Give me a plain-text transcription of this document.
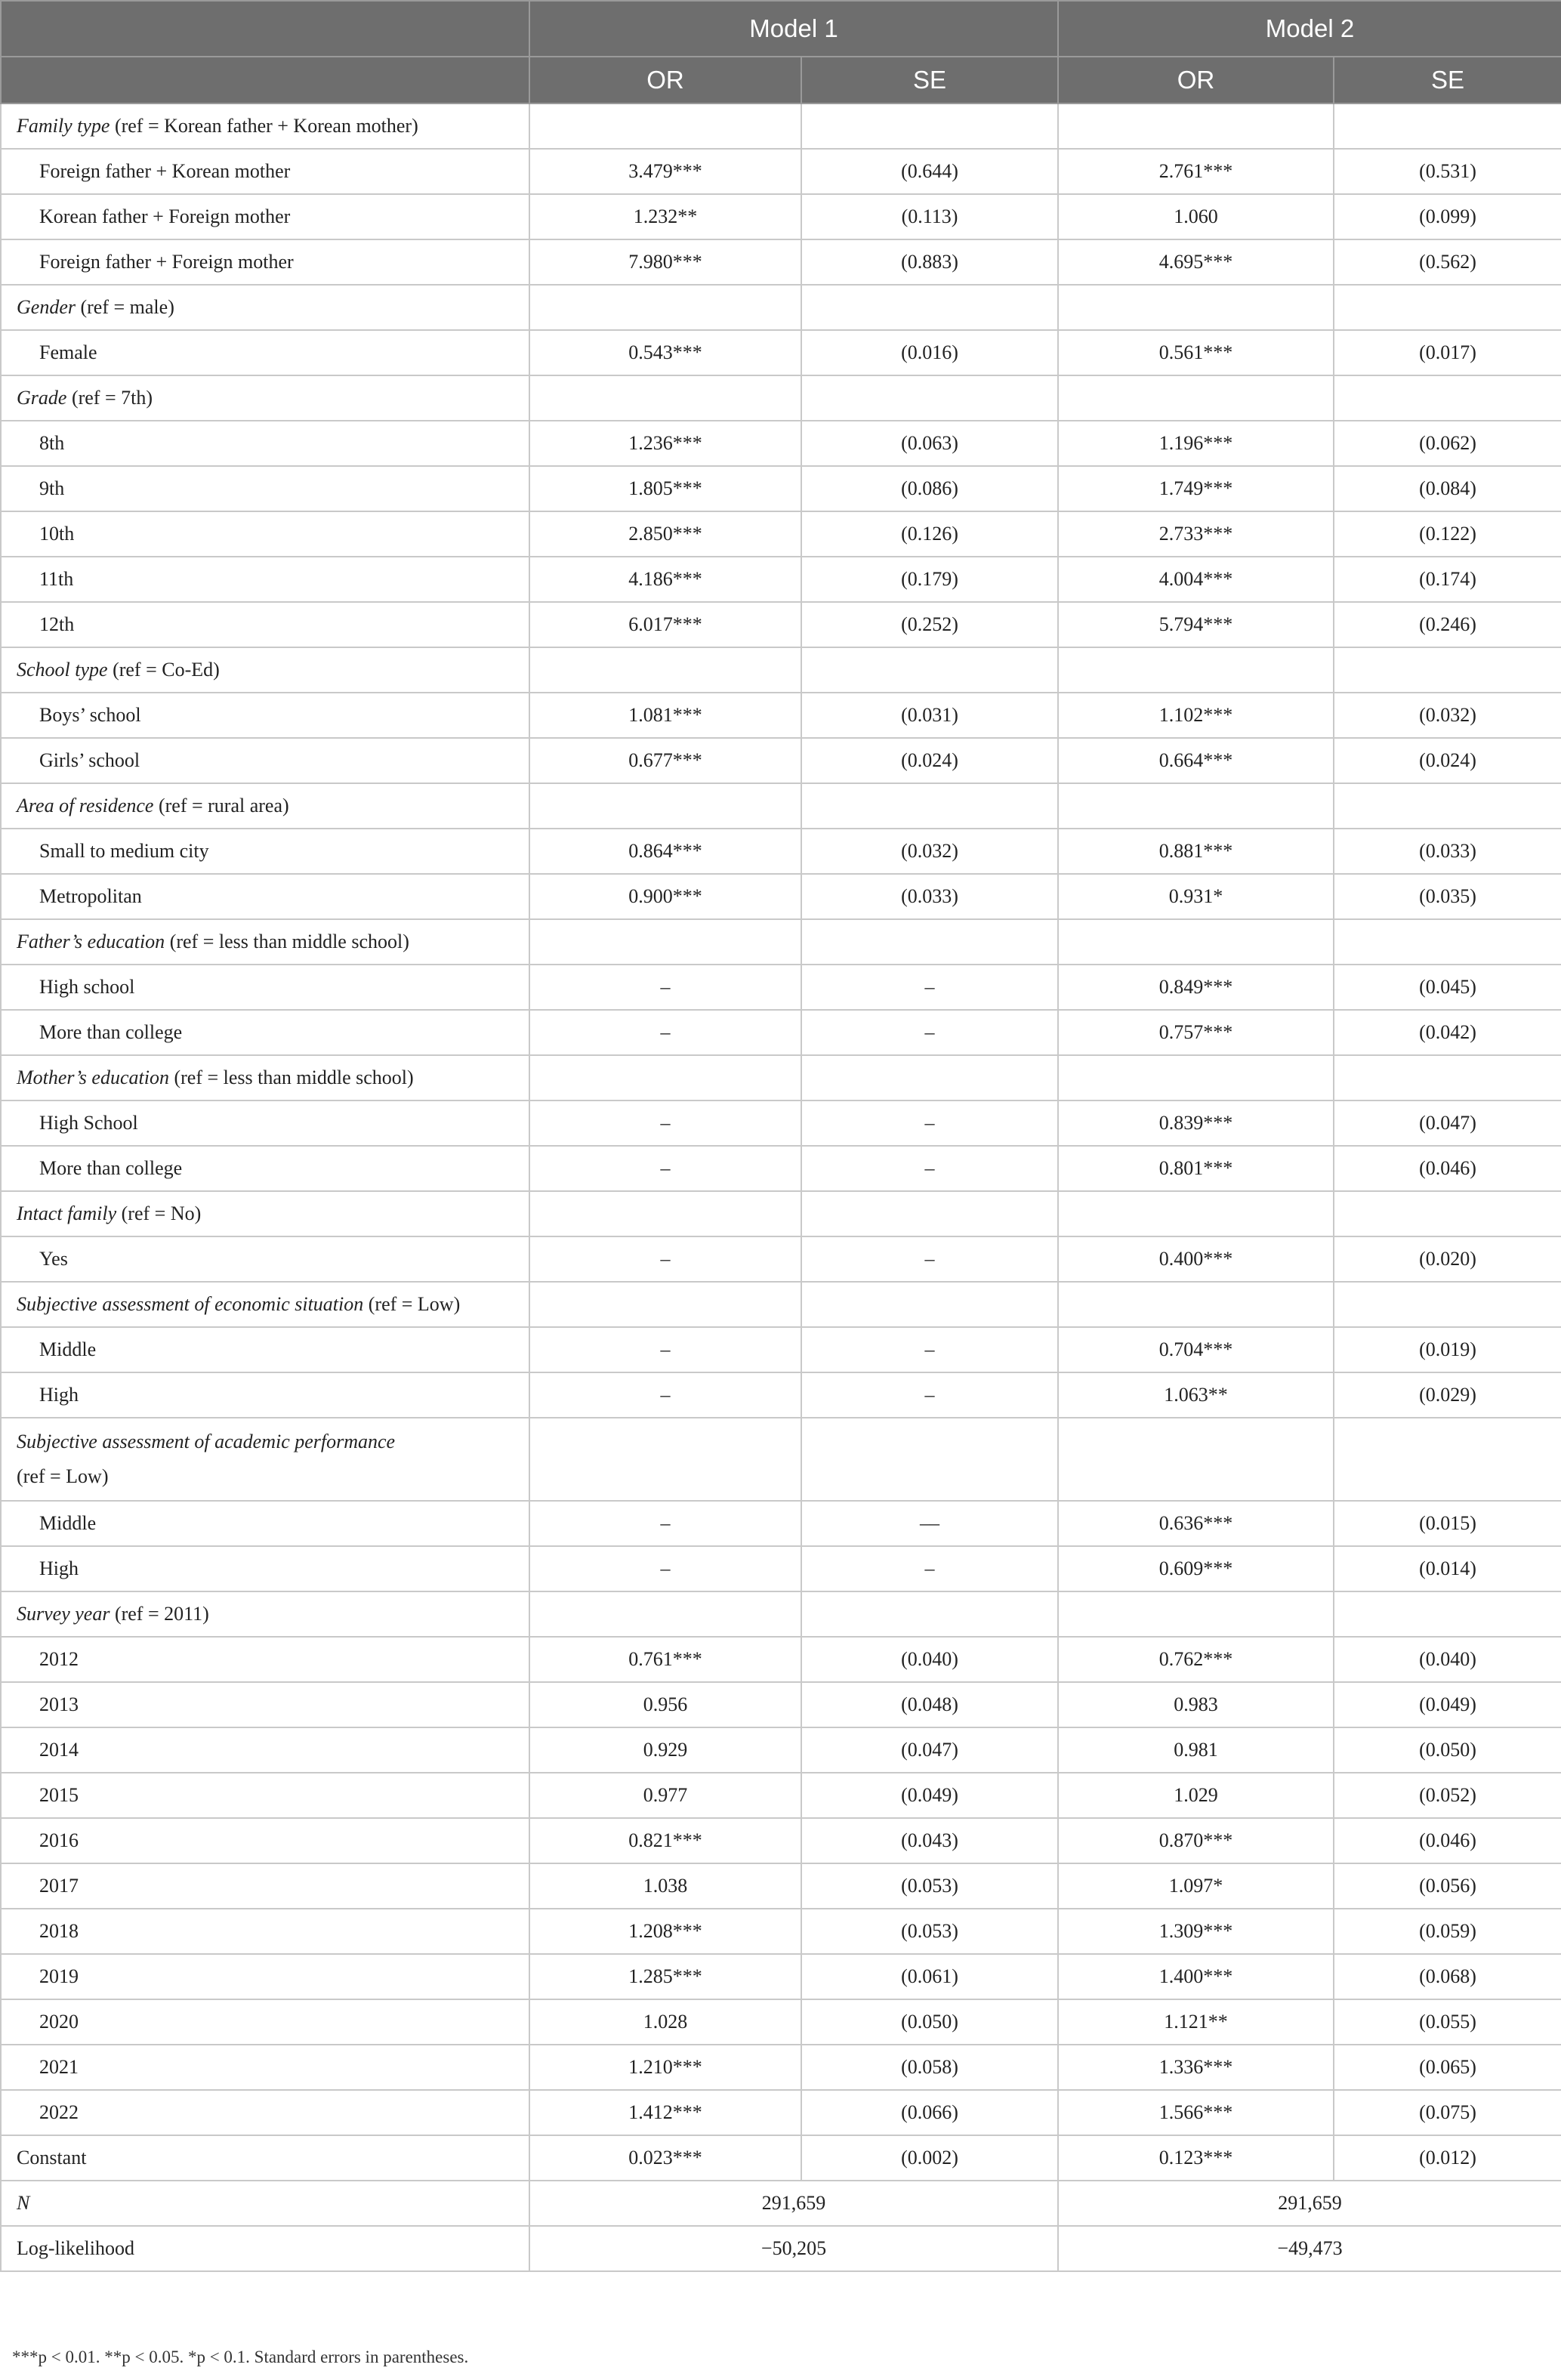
	Model 1		Model 2	
	OR	SE	OR	SE
Family type (ref = Korean father + Korean mother)				
Foreign father + Korean mother	3.479***	(0.644)	2.761***	(0.531)
Korean father + Foreign mother	1.232**	(0.113)	1.060	(0.099)
Foreign father + Foreign mother	7.980***	(0.883)	4.695***	(0.562)
Gender (ref = male)				
Female	0.543***	(0.016)	0.561***	(0.017)
Grade (ref = 7th)				
8th	1.236***	(0.063)	1.196***	(0.062)
9th	1.805***	(0.086)	1.749***	(0.084)
10th	2.850***	(0.126)	2.733***	(0.122)
11th	4.186***	(0.179)	4.004***	(0.174)
12th	6.017***	(0.252)	5.794***	(0.246)
School type (ref = Co-Ed)				
Boys’ school	1.081***	(0.031)	1.102***	(0.032)
Girls’ school	0.677***	(0.024)	0.664***	(0.024)
Area of residence (ref = rural area)				
Small to medium city	0.864***	(0.032)	0.881***	(0.033)
Metropolitan	0.900***	(0.033)	0.931*	(0.035)
Father’s education (ref = less than middle school)				
High school	–	–	0.849***	(0.045)
More than college	–	–	0.757***	(0.042)
Mother’s education (ref = less than middle school)				
High School	–	–	0.839***	(0.047)
More than college	–	–	0.801***	(0.046)
Intact family (ref = No)				
Yes	–	–	0.400***	(0.020)
Subjective assessment of economic situation (ref = Low)				
Middle	–	–	0.704***	(0.019)
High	–	–	1.063**	(0.029)
Subjective assessment of academic performance
(ref = Low)				

Middle	–	––	0.636***	(0.015)
High	–	–	0.609***	(0.014)
Survey year (ref = 2011)				
2012	0.761***	(0.040)	0.762***	(0.040)
2013	0.956	(0.048)	0.983	(0.049)
2014	0.929	(0.047)	0.981	(0.050)
2015	0.977	(0.049)	1.029	(0.052)
2016	0.821***	(0.043)	0.870***	(0.046)
2017	1.038	(0.053)	1.097*	(0.056)
2018	1.208***	(0.053)	1.309***	(0.059)
2019	1.285***	(0.061)	1.400***	(0.068)
2020	1.028	(0.050)	1.121**	(0.055)
2021	1.210***	(0.058)	1.336***	(0.065)
2022	1.412***	(0.066)	1.566***	(0.075)
Constant	0.023***	(0.002)	0.123***	(0.012)
N	291,659		291,659	
Log-likelihood	−50,205		−49,473	
***p < 0.01. **p < 0.05. *p < 0.1. Standard errors in parentheses.
